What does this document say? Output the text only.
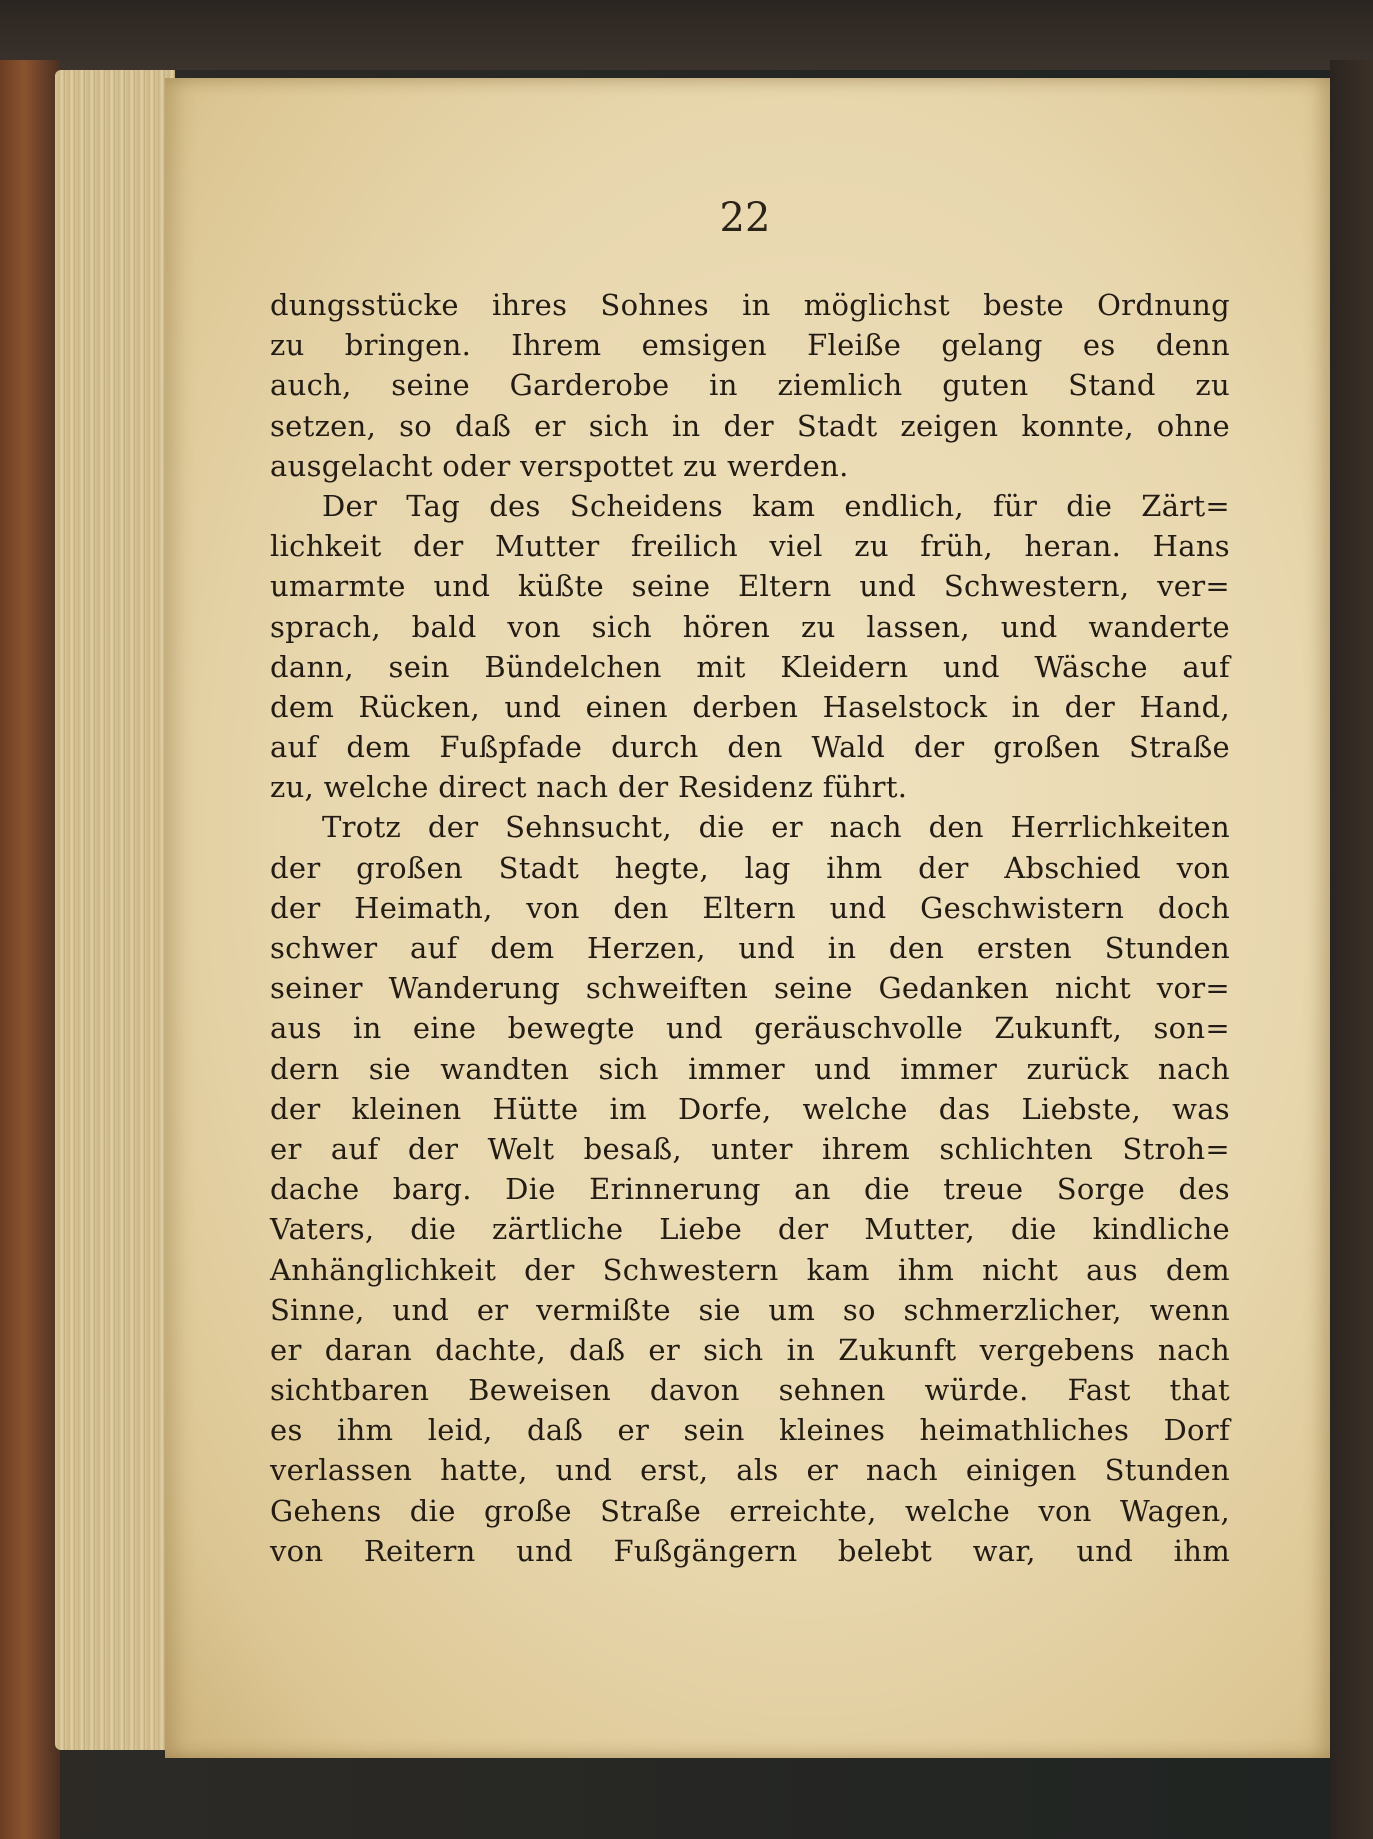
22
dungsstücke ihres Sohnes in möglichst beste Ordnung
zu bringen. Ihrem emsigen Fleiße gelang es denn
auch, seine Garderobe in ziemlich guten Stand zu
setzen, so daß er sich in der Stadt zeigen konnte, ohne
ausgelacht oder verspottet zu werden.
Der Tag des Scheidens kam endlich, für die Zärt=
lichkeit der Mutter freilich viel zu früh, heran. Hans
umarmte und küßte seine Eltern und Schwestern, ver=
sprach, bald von sich hören zu lassen, und wanderte
dann, sein Bündelchen mit Kleidern und Wäsche auf
dem Rücken, und einen derben Haselstock in der Hand,
auf dem Fußpfade durch den Wald der großen Straße
zu, welche direct nach der Residenz führt.
Trotz der Sehnsucht, die er nach den Herrlichkeiten
der großen Stadt hegte, lag ihm der Abschied von
der Heimath, von den Eltern und Geschwistern doch
schwer auf dem Herzen, und in den ersten Stunden
seiner Wanderung schweiften seine Gedanken nicht vor=
aus in eine bewegte und geräuschvolle Zukunft, son=
dern sie wandten sich immer und immer zurück nach
der kleinen Hütte im Dorfe, welche das Liebste, was
er auf der Welt besaß, unter ihrem schlichten Stroh=
dache barg. Die Erinnerung an die treue Sorge des
Vaters, die zärtliche Liebe der Mutter, die kindliche
Anhänglichkeit der Schwestern kam ihm nicht aus dem
Sinne, und er vermißte sie um so schmerzlicher, wenn
er daran dachte, daß er sich in Zukunft vergebens nach
sichtbaren Beweisen davon sehnen würde. Fast that
es ihm leid, daß er sein kleines heimathliches Dorf
verlassen hatte, und erst, als er nach einigen Stunden
Gehens die große Straße erreichte, welche von Wagen,
von Reitern und Fußgängern belebt war, und ihm
